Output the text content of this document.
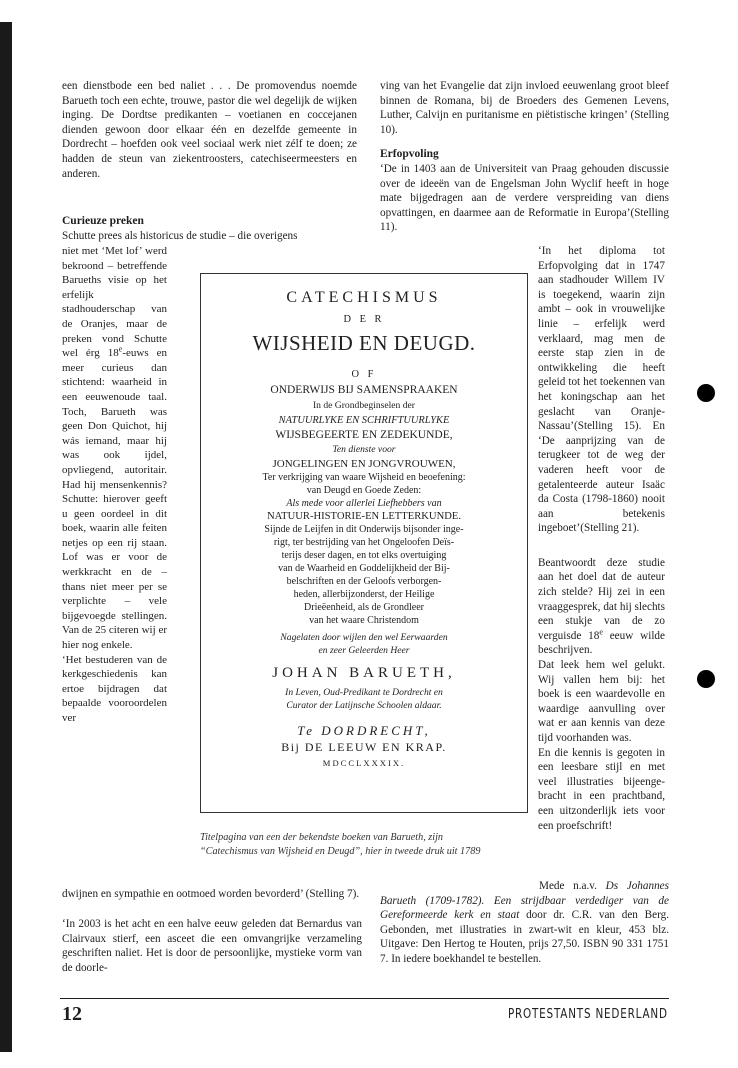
een dienstbode een bed naliet . . . De promovendus noemde Barueth toch een echte, trouwe, pastor die wel degelijk de wijken inging. De Dordtse predikanten – voetianen en coccejanen dienden gewoon door elkaar één en dezelfde gemeente in Dordrecht – hoefden ook veel sociaal werk niet zélf te doen; ze hadden de steun van ziekentroosters, catechiseermeesters en anderen.
Curieuze preken
Schutte prees als historicus de studie – die overigens
niet met ‘Met lof’ werd bekroond – betreffende Barueths visie op het erfelijk stadhouderschap van de Oranjes, maar de preken vond Schutte wel érg 18e-euws en meer curieus dan stichtend: waarheid in een eeuwenoude taal. Toch, Barueth was geen Don Quichot, hij wás iemand, maar hij was ook ijdel, opvliegend, autoritair. Had hij mensenkennis? Schutte: hierover geeft u geen oordeel in dit boek, waarin alle feiten netjes op een rij staan. Lof was er voor de werkkracht en de – thans niet meer per se verplichte – vele bijgevoegde stellingen. Van de 25 citeren wij er hier nog enkele.

‘Het bestuderen van de kerkgeschiedenis kan ertoe bijdragen dat bepaalde vooroordelen ver

dwijnen en sympathie en ootmoed worden bevorderd’ (Stelling 7).
‘In 2003 is het acht en een halve eeuw geleden dat Bernardus van Clairvaux stierf, een asceet die een omvangrijke verzameling geschriften naliet. Het is door de persoonlijke, mystieke vorm van de doorle-
CATECHISMUS
D E R
WIJSHEID EN DEUGD.
O F
ONDERWIJS BIJ SAMENSPRAAKEN
In de Grondbeginselen der
NATUURLYKE EN SCHRIFTUURLYKE
WIJSBEGEERTE EN ZEDEKUNDE,
Ten dienste voor
JONGELINGEN EN JONGVROUWEN,
Ter verkrijging van waare Wijsheid en beoefening:
van Deugd en Goede Zeden:
Als mede voor allerlei Liefhebbers van
NATUUR-HISTORIE-EN LETTERKUNDE.
Sijnde de Leijfen in dit Onderwijs bijsonder inge-
rigt, ter bestrijding van het Ongeloofen Deïs-
terijs deser dagen, en tot elks overtuiging
van de Waarheid en Goddelijkheid der Bij-
belschriften en der Geloofs verborgen-
heden, allerbijzonderst, der Heilige
Drieëenheid, als de Grondleer
van het waare Christendom
Nagelaten door wijlen den wel Eerwaarden
en zeer Geleerden Heer
JOHAN BARUETH,
In Leven, Oud-Predikant te Dordrecht en
Curator der Latijnsche Schoolen aldaar.
Te DORDRECHT,
Bij DE LEEUW EN KRAP.
MDCCLXXXIX.
Titelpagina van een der bekendste boeken van Barueth, zijn “Catechismus van Wijsheid en Deugd”, hier in tweede druk uit 1789

ving van het Evangelie dat zijn invloed eeuwenlang groot bleef binnen de Romana, bij de Broeders des Gemenen Levens, Luther, Calvijn en puritanisme en piëtistische kringen’ (Stelling 10).

Erfopvoling

‘De in 1403 aan de Universiteit van Praag gehouden discussie over de ideeën van de Engelsman John Wyclif heeft in hoge mate bijgedragen aan de verdere verspreiding van diens opvattingen, en daarmee aan de Reformatie in Europa’(Stelling 11).

‘In het diploma tot Erfopvolging dat in 1747 aan stadhouder Willem IV is toegekend, waarin zijn ambt – ook in vrouwelijke linie – erfelijk werd verklaard, mag men de eerste stap zien in de ontwikkeling die heeft geleid tot het toekennen van het koningschap aan het geslacht van Oranje-Nassau’(Stelling 15). En ‘De aanprijzing van de terugkeer tot de weg der vaderen heeft voor de getalenteerde auteur Isaäc da Costa (1798-1860) nooit aan betekenis ingeboet’(Stelling 21).

Beantwoordt deze studie aan het doel dat de auteur zich stelde? Hij zei in een vraaggesprek, dat hij slechts een stukje van de zo verguisde 18e eeuw wilde beschrijven.

Dat leek hem wel gelukt. Wij vallen hem bij: het boek is een waardevolle en waardige aanvulling over wat er aan kennis van deze tijd voorhanden was.

En die kennis is gegoten in een leesbare stijl en met veel illustraties bijeengebracht in een prachtband, een uitzonderlijk iets voor een proefschrift!

Mede n.a.v. Ds Johannes Barueth (1709-1782). Een strijdbaar verdediger van de Gereformeerde kerk en staat door dr. C.R. van den Berg. Gebonden, met illustraties in zwart-wit en kleur, 453 blz. Uitgave: Den Hertog te Houten, prijs 27,50. ISBN 90 331 1751 7. In iedere boekhandel te bestellen.
12	PROTESTANTS NEDERLAND
